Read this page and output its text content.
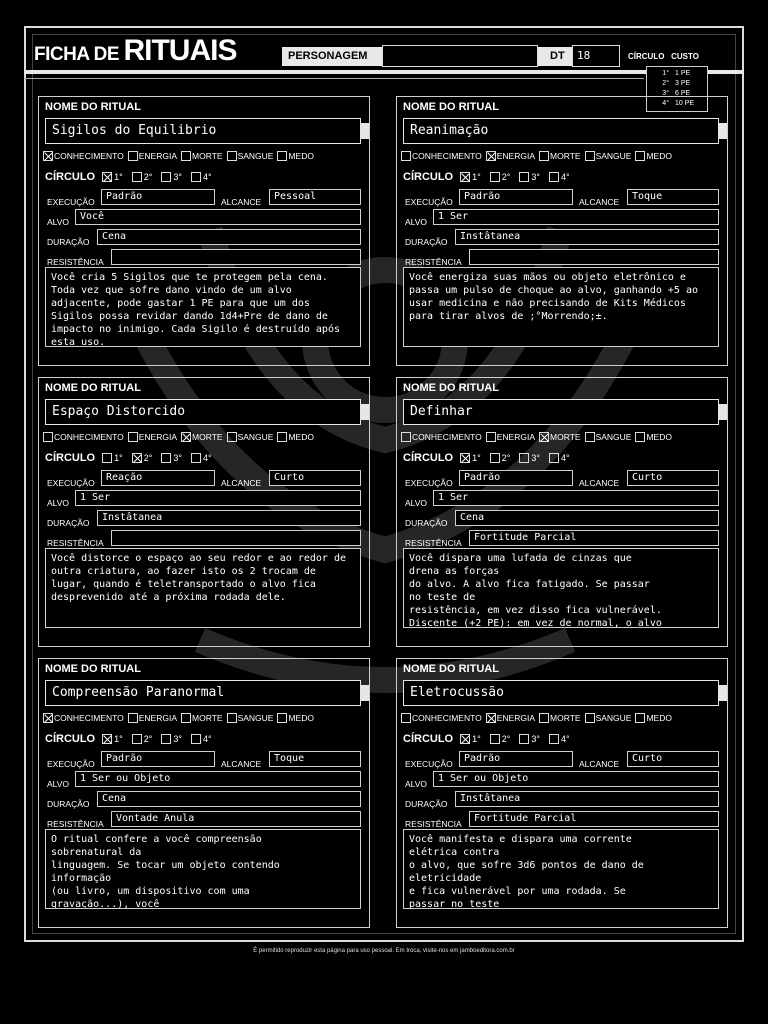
FICHA DE RITUAIS	PERSONAGEM	DT	18	CÍRCULO CUSTO
1° 1 PE
2° 3 PE
3° 6 PE
4° 10 PE
NOME DO RITUAL
Sigilos do Equilibrio
CONHECIMENTO ENERGIA MORTE SANGUE MEDO
CÍRCULO 1° 2° 3° 4°
EXECUÇÃO	Padrão	ALCANCE	Pessoal
ALVO	Você
DURAÇÃO	Cena
RESISTÊNCIA
Você cria 5 Sigilos que te protegem pela cena. Toda vez que sofre dano vindo de um alvo adjacente, pode gastar 1 PE para que um dos Sigilos possa revidar dando 1d4+Pre de dano de impacto no inimigo. Cada Sigilo é destruído após esta uso.
NOME DO RITUAL
Reanimação
CONHECIMENTO ENERGIA MORTE SANGUE MEDO
CÍRCULO 1° 2° 3° 4°
EXECUÇÃO	Padrão	ALCANCE	Toque
ALVO	1 Ser
DURAÇÃO	Instâtanea
RESISTÊNCIA
Você energiza suas mãos ou objeto eletrônico e passa um pulso de choque ao alvo, ganhando +5 ao usar medicina e não precisando de Kits Médicos para tirar alvos de ;°Morrendo;±.
NOME DO RITUAL
Espaço Distorcido
CONHECIMENTO ENERGIA MORTE SANGUE MEDO
CÍRCULO 1° 2° 3° 4°
EXECUÇÃO	Reação	ALCANCE	Curto
ALVO	1 Ser
DURAÇÃO	Instâtanea
RESISTÊNCIA
Você distorce o espaço ao seu redor e ao redor de outra criatura, ao fazer isto os 2 trocam de lugar, quando é teletransportado o alvo fica desprevenido até a próxima rodada dele.
NOME DO RITUAL
Definhar
CONHECIMENTO ENERGIA MORTE SANGUE MEDO
CÍRCULO 1° 2° 3° 4°
EXECUÇÃO	Padrão	ALCANCE	Curto
ALVO	1 Ser
DURAÇÃO	Cena
RESISTÊNCIA	Fortitude Parcial
Você dispara uma lufada de cinzas que
drena as forças
do alvo. A alvo fica fatigado. Se passar
no teste de
resistência, em vez disso fica vulnerável.
Discente (+2 PE): em vez de normal, o alvo
NOME DO RITUAL
Compreensão Paranormal
CONHECIMENTO ENERGIA MORTE SANGUE MEDO
CÍRCULO 1° 2° 3° 4°
EXECUÇÃO	Padrão	ALCANCE	Toque
ALVO	1 Ser ou Objeto
DURAÇÃO	Cena
RESISTÊNCIA	Vontade Anula
O ritual confere a você compreensão
sobrenatural da
linguagem. Se tocar um objeto contendo
informação
(ou livro, um dispositivo com uma
gravação...), você
NOME DO RITUAL
Eletrocussão
CONHECIMENTO ENERGIA MORTE SANGUE MEDO
CÍRCULO 1° 2° 3° 4°
EXECUÇÃO	Padrão	ALCANCE	Curto
ALVO	1 Ser ou Objeto
DURAÇÃO	Instâtanea
RESISTÊNCIA	Fortitude Parcial
Você manifesta e dispara uma corrente
elétrica contra
o alvo, que sofre 3d6 pontos de dano de
eletricidade
e fica vulnerável por uma rodada. Se
passar no teste
É permitido reproduzir esta página para uso pessoal. Em troca, visite-nos em jamboeditora.com.br
